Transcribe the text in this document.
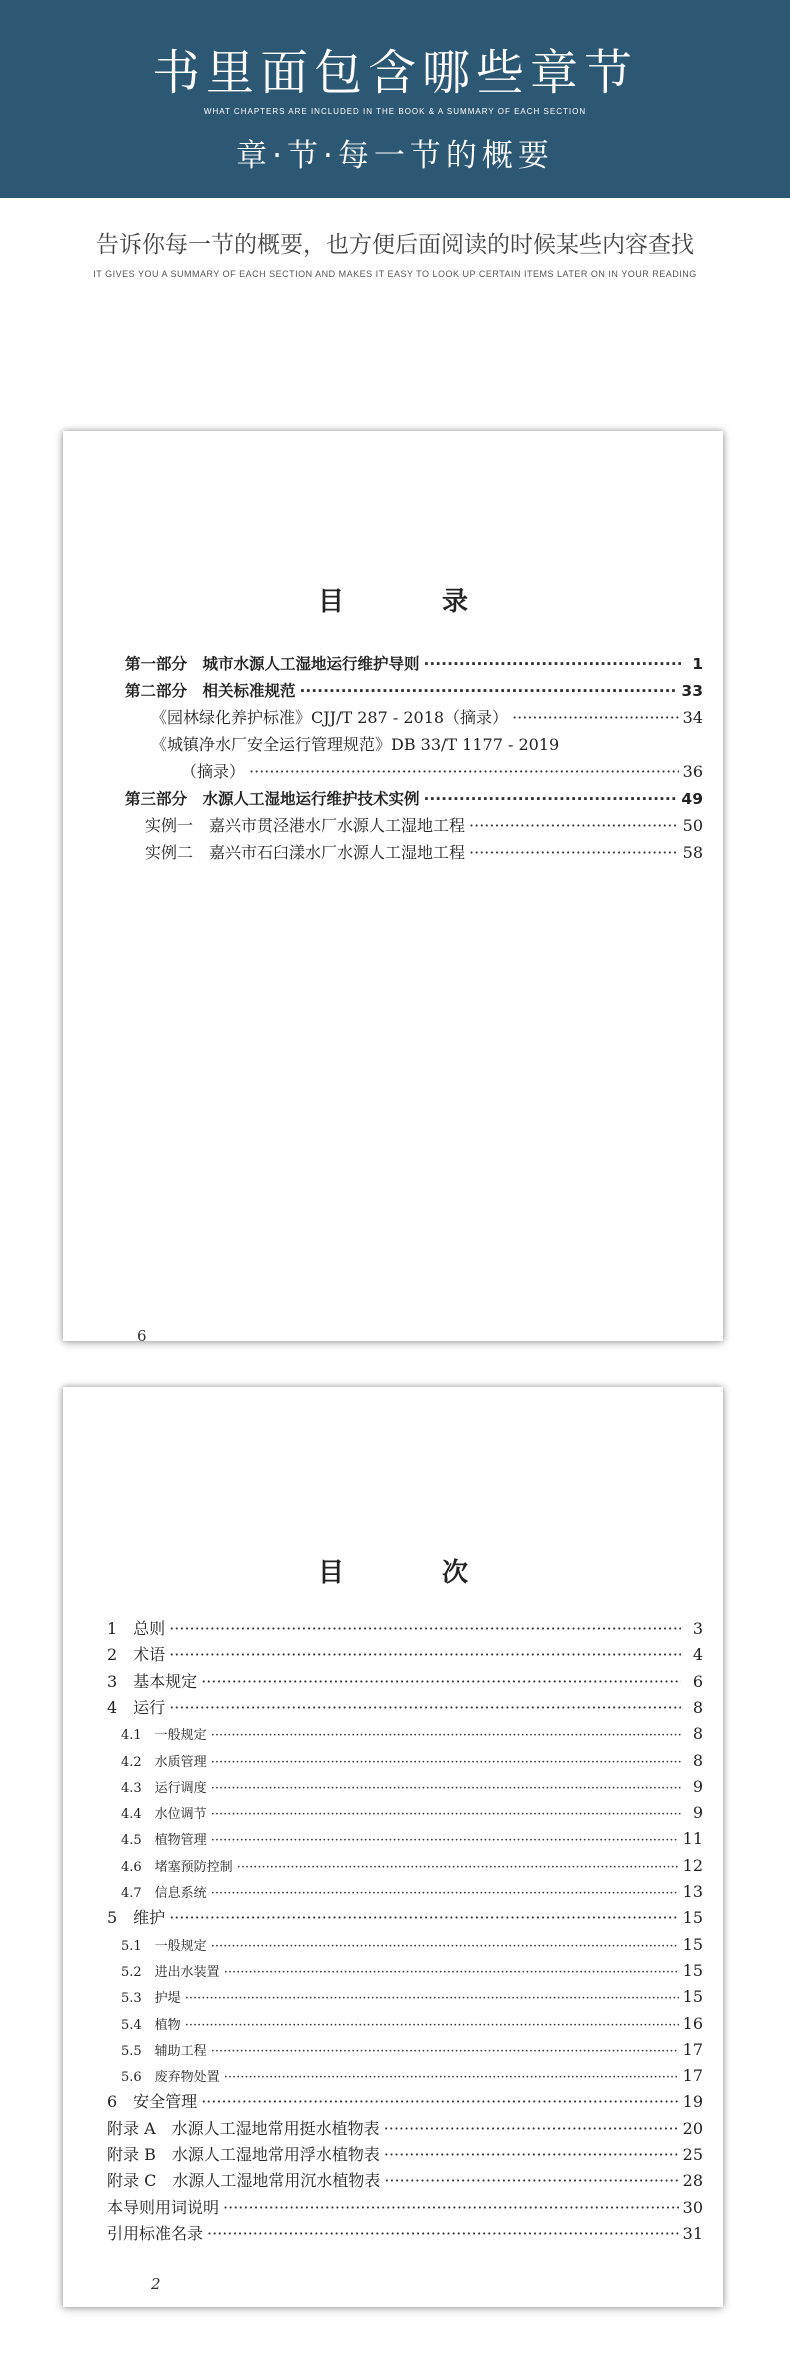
书里面包含哪些章节
WHAT CHAPTERS ARE INCLUDED IN THE BOOK & A SUMMARY OF EACH SECTION
章·节·每一节的概要
告诉你每一节的概要，也方便后面阅读的时候某些内容查找
IT GIVES YOU A SUMMARY OF EACH SECTION AND MAKES IT EASY TO LOOK UP CERTAIN ITEMS LATER ON IN YOUR READING
目　录
第一部分　城市水源人工湿地运行维护导则 ·····	1
第二部分　相关标准规范 ·····	33
《园林绿化养护标准》CJJ/T 287 - 2018（摘录） ·····	34
《城镇净水厂安全运行管理规范》DB 33/T 1177 - 2019
（摘录） ·····	36
第三部分　水源人工湿地运行维护技术实例 ·····	49
实例一　嘉兴市贯泾港水厂水源人工湿地工程 ·····	50
实例二　嘉兴市石臼漾水厂水源人工湿地工程 ·····	58
6
目　次
1　总则 ·····	3
2　术语 ·····	4
3　基本规定 ·····	6
4　运行 ·····	8
4.1　一般规定 ·····	8
4.2　水质管理 ·····	8
4.3　运行调度 ·····	9
4.4　水位调节 ·····	9
4.5　植物管理 ·····	11
4.6　堵塞预防控制 ·····	12
4.7　信息系统 ·····	13
5　维护 ·····	15
5.1　一般规定 ·····	15
5.2　进出水装置 ·····	15
5.3　护堤 ·····	15
5.4　植物 ·····	16
5.5　辅助工程 ·····	17
5.6　废弃物处置 ·····	17
6　安全管理 ·····	19
附录 A　水源人工湿地常用挺水植物表 ·····	20
附录 B　水源人工湿地常用浮水植物表 ·····	25
附录 C　水源人工湿地常用沉水植物表 ·····	28
本导则用词说明 ·····	30
引用标准名录 ·····	31
2
